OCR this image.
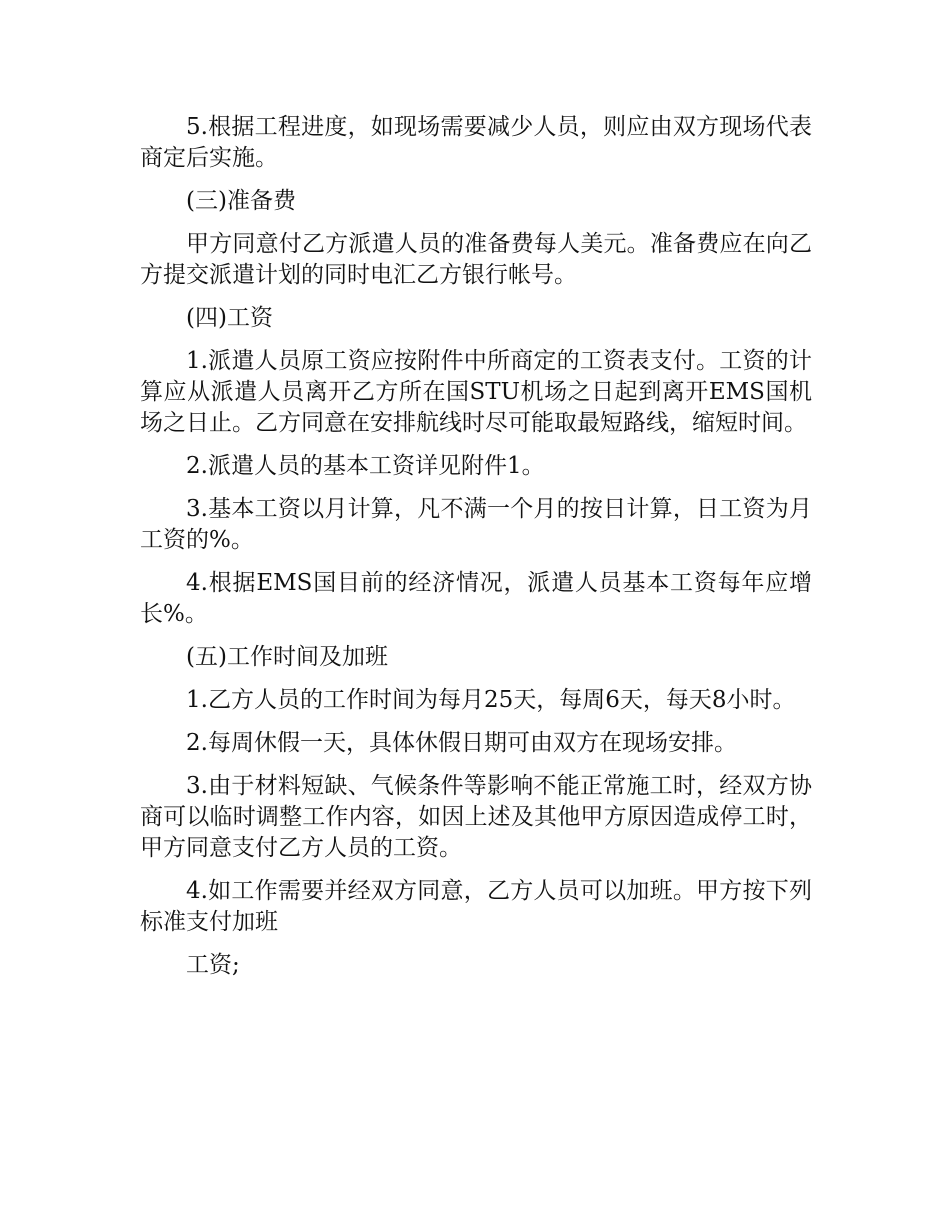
5.根据工程进度，如现场需要减少人员，则应由双方现场代表商定后实施。

(三)准备费

甲方同意付乙方派遣人员的准备费每人美元。准备费应在向乙方提交派遣计划的同时电汇乙方银行帐号。

(四)工资

1.派遣人员原工资应按附件中所商定的工资表支付。工资的计算应从派遣人员离开乙方所在国STU机场之日起到离开EMS国机场之日止。乙方同意在安排航线时尽可能取最短路线，缩短时间。

2.派遣人员的基本工资详见附件1。

3.基本工资以月计算，凡不满一个月的按日计算，日工资为月工资的%。

4.根据EMS国目前的经济情况，派遣人员基本工资每年应增长%。

(五)工作时间及加班

1.乙方人员的工作时间为每月25天，每周6天，每天8小时。

2.每周休假一天，具体休假日期可由双方在现场安排。

3.由于材料短缺、气候条件等影响不能正常施工时，经双方协商可以临时调整工作内容，如因上述及其他甲方原因造成停工时，甲方同意支付乙方人员的工资。

4.如工作需要并经双方同意，乙方人员可以加班。甲方按下列标准支付加班

工资;
